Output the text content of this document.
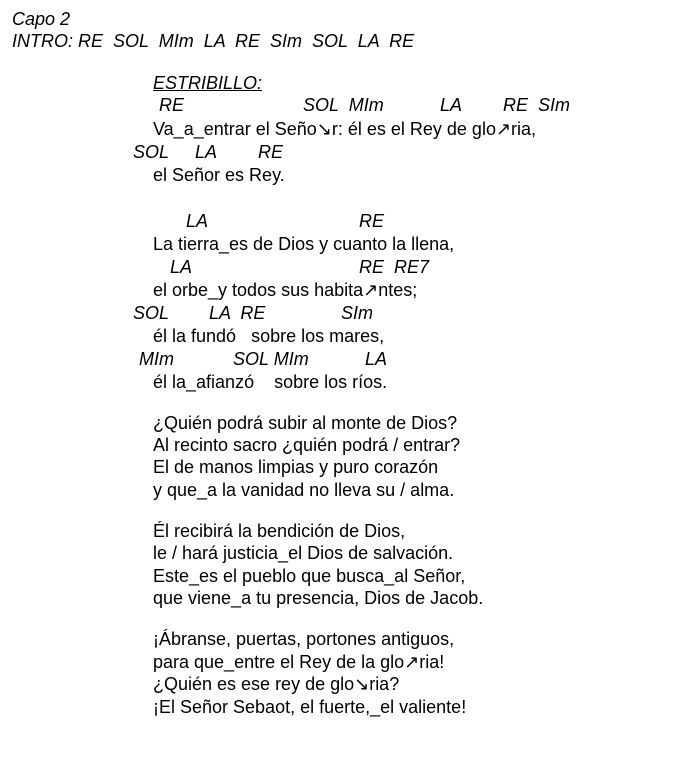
Capo 2
INTRO: RE  SOL  MIm  LA  RE  SIm  SOL  LA  RE
ESTRIBILLO:
RE	SOL  MIm	LA RE  SIm
Va_a_entrar el Seño↘r: él es el Rey de glo↗ria,
SOL LA RE
el Señor es Rey.
LA	RE
La tierra_es de Dios y cuanto la llena,
LA	RE  RE7
el orbe_y todos sus habita↗ntes;
SOL LA  RE	SIm
él la fundó   sobre los mares,
MIm	SOL MIm	LA
él la_afianzó    sobre los ríos.
¿Quién podrá subir al monte de Dios?
Al recinto sacro ¿quién podrá / entrar?
El de manos limpias y puro corazón
y que_a la vanidad no lleva su / alma.
Él recibirá la bendición de Dios,
le / hará justicia_el Dios de salvación.
Este_es el pueblo que busca_al Señor,
que viene_a tu presencia, Dios de Jacob.
¡Ábranse, puertas, portones antiguos,
para que_entre el Rey de la glo↗ria!
¿Quién es ese rey de glo↘ria?
¡El Señor Sebaot, el fuerte,_el valiente!
